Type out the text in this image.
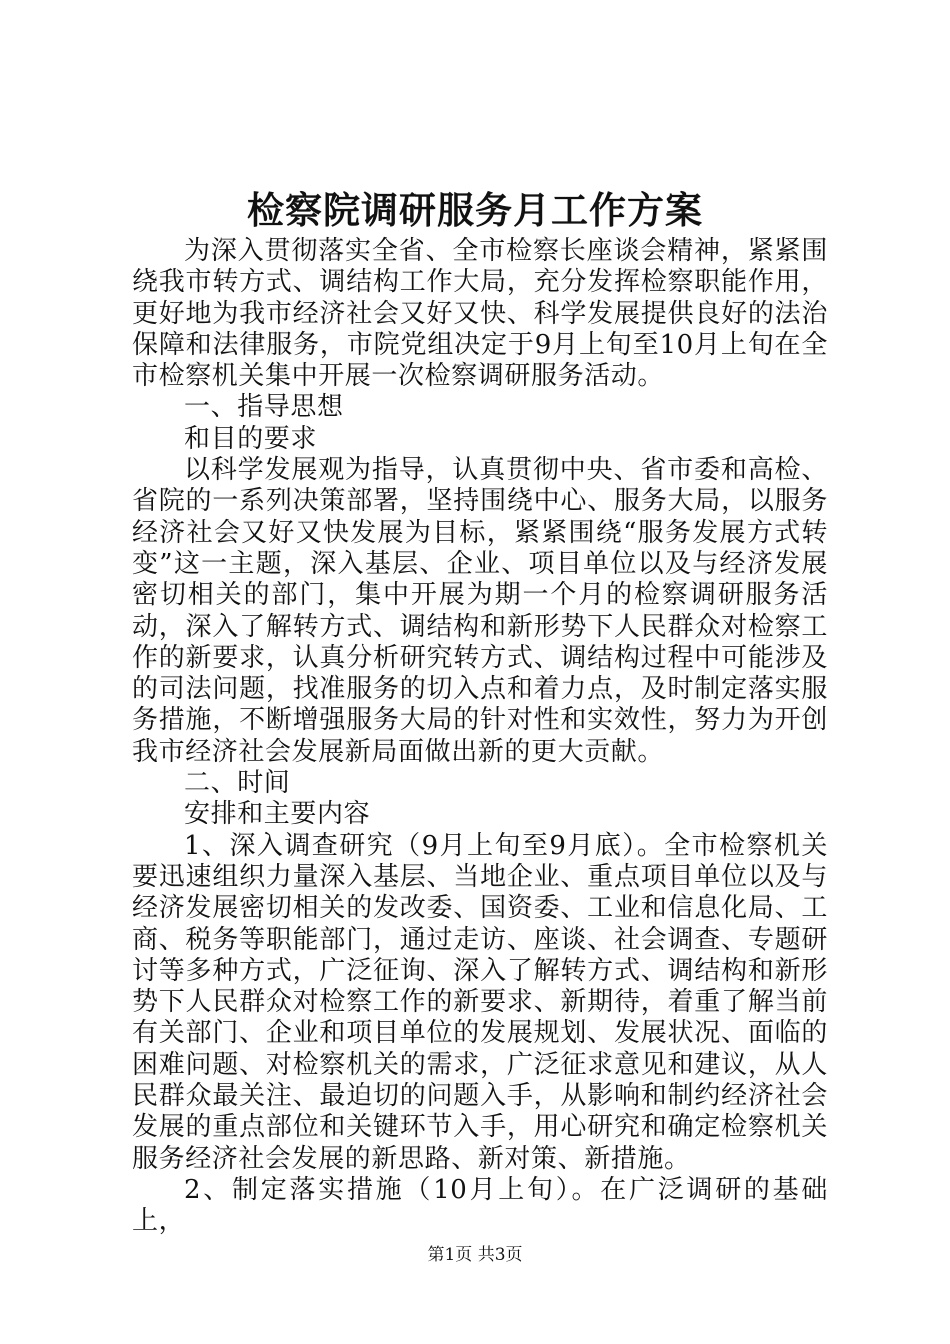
检察院调研服务月工作方案

为深入贯彻落实全省、全市检察长座谈会精神，紧紧围绕我市转方式、调结构工作大局，充分发挥检察职能作用，更好地为我市经济社会又好又快、科学发展提供良好的法治保障和法律服务，市院党组决定于9月上旬至10月上旬在全市检察机关集中开展一次检察调研服务活动。

一、指导思想

和目的要求

以科学发展观为指导，认真贯彻中央、省市委和高检、省院的一系列决策部署，坚持围绕中心、服务大局，以服务经济社会又好又快发展为目标，紧紧围绕“服务发展方式转变”这一主题，深入基层、企业、项目单位以及与经济发展密切相关的部门，集中开展为期一个月的检察调研服务活动，深入了解转方式、调结构和新形势下人民群众对检察工作的新要求，认真分析研究转方式、调结构过程中可能涉及的司法问题，找准服务的切入点和着力点，及时制定落实服务措施，不断增强服务大局的针对性和实效性，努力为开创我市经济社会发展新局面做出新的更大贡献。

二、时间

安排和主要内容

1、深入调查研究（9月上旬至9月底）。全市检察机关要迅速组织力量深入基层、当地企业、重点项目单位以及与经济发展密切相关的发改委、国资委、工业和信息化局、工商、税务等职能部门，通过走访、座谈、社会调查、专题研讨等多种方式，广泛征询、深入了解转方式、调结构和新形势下人民群众对检察工作的新要求、新期待，着重了解当前有关部门、企业和项目单位的发展规划、发展状况、面临的困难问题、对检察机关的需求，广泛征求意见和建议，从人民群众最关注、最迫切的问题入手，从影响和制约经济社会发展的重点部位和关键环节入手，用心研究和确定检察机关服务经济社会发展的新思路、新对策、新措施。

2、制定落实措施（10月上旬）。在广泛调研的基础上，

第1页 共3页
